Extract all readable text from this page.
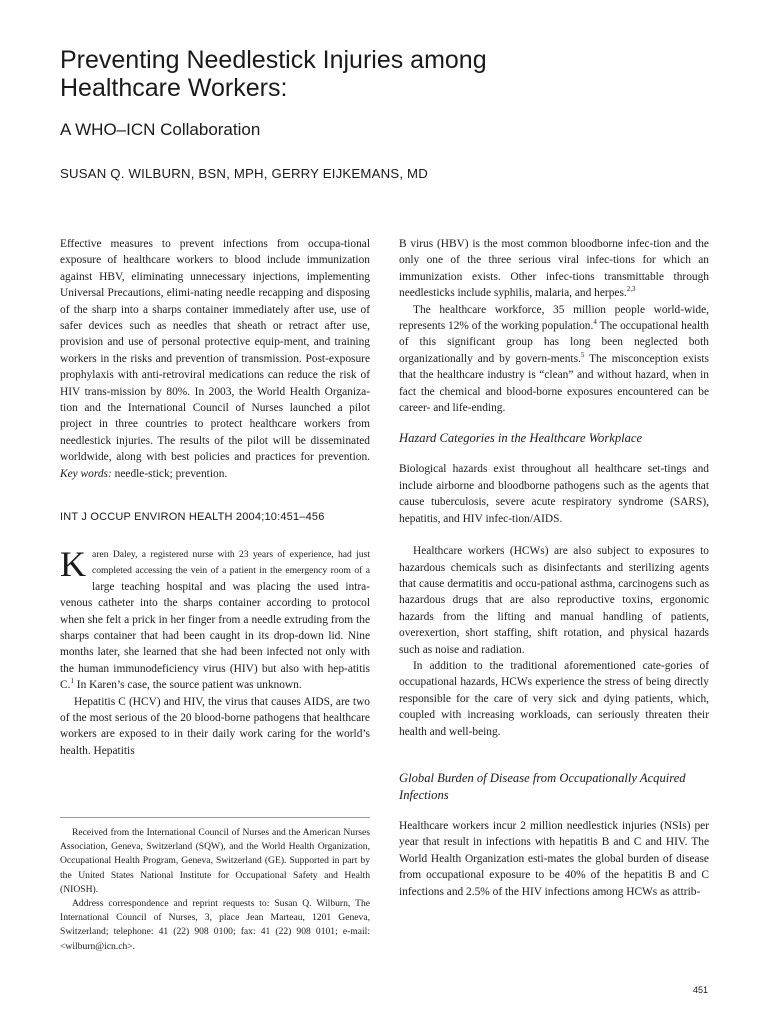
Preventing Needlestick Injuries among Healthcare Workers:
A WHO–ICN Collaboration
SUSAN Q. WILBURN, BSN, MPH, GERRY EIJKEMANS, MD

Effective measures to prevent infections from occupa-tional exposure of healthcare workers to blood include immunization against HBV, eliminating unnecessary injections, implementing Universal Precautions, elimi-nating needle recapping and disposing of the sharp into a sharps container immediately after use, use of safer devices such as needles that sheath or retract after use, provision and use of personal protective equip-ment, and training workers in the risks and prevention of transmission. Post-exposure prophylaxis with anti-retroviral medications can reduce the risk of HIV trans-mission by 80%. In 2003, the World Health Organiza-tion and the International Council of Nurses launched a pilot project in three countries to protect healthcare workers from needlestick injuries. The results of the pilot will be disseminated worldwide, along with best policies and practices for prevention. Key words: needle-stick; prevention.

INT J OCCUP ENVIRON HEALTH 2004;10:451–456

K aren Daley, a registered nurse with 23 years of experience, had just completed accessing the vein of a patient in the emergency room of a large teaching hospital and was placing the used intra-venous catheter into the sharps container according to protocol when she felt a prick in her finger from a needle extruding from the sharps container that had been caught in its drop-down lid. Nine months later, she learned that she had been infected not only with the human immunodeficiency virus (HIV) but also with hep-atitis C.$^1$ In Karen’s case, the source patient was unknown.

Hepatitis C (HCV) and HIV, the virus that causes AIDS, are two of the most serious of the 20 blood-borne pathogens that healthcare workers are exposed to in their daily work caring for the world’s health. Hepatitis

Received from the International Council of Nurses and the American Nurses Association, Geneva, Switzerland (SQW), and the World Health Organization, Occupational Health Program, Geneva, Switzerland (GE). Supported in part by the United States National Institute for Occupational Safety and Health (NIOSH).

Address correspondence and reprint requests to: Susan Q. Wilburn, The International Council of Nurses, 3, place Jean Marteau, 1201 Geneva, Switzerland; telephone: 41 (22) 908 0100; fax: 41 (22) 908 0101; e-mail: <wilburn@icn.ch>.

B virus (HBV) is the most common bloodborne infec-tion and the only one of the three serious viral infec-tions for which an immunization exists. Other infec-tions transmittable through needlesticks include syphilis, malaria, and herpes.$^{2,3}$

The healthcare workforce, 35 million people world-wide, represents 12% of the working population.$^4$ The occupational health of this significant group has long been neglected both organizationally and by govern-ments.$^5$ The misconception exists that the healthcare industry is “clean” and without hazard, when in fact the chemical and blood-borne exposures encountered can be career- and life-ending.

Hazard Categories in the Healthcare Workplace

Biological hazards exist throughout all healthcare set-tings and include airborne and bloodborne pathogens such as the agents that cause tuberculosis, severe acute respiratory syndrome (SARS), hepatitis, and HIV infec-tion/AIDS.

Healthcare workers (HCWs) are also subject to exposures to hazardous chemicals such as disinfectants and sterilizing agents that cause dermatitis and occu-pational asthma, carcinogens such as hazardous drugs that are also reproductive toxins, ergonomic hazards from the lifting and manual handling of patients, overexertion, short staffing, shift rotation, and physical hazards such as noise and radiation.

In addition to the traditional aforementioned cate-gories of occupational hazards, HCWs experience the stress of being directly responsible for the care of very sick and dying patients, which, coupled with increasing workloads, can seriously threaten their health and well-being.

Global Burden of Disease from Occupationally Acquired Infections

Healthcare workers incur 2 million needlestick injuries (NSIs) per year that result in infections with hepatitis B and C and HIV. The World Health Organization esti-mates the global burden of disease from occupational exposure to be 40% of the hepatitis B and C infections and 2.5% of the HIV infections among HCWs as attrib-

451
